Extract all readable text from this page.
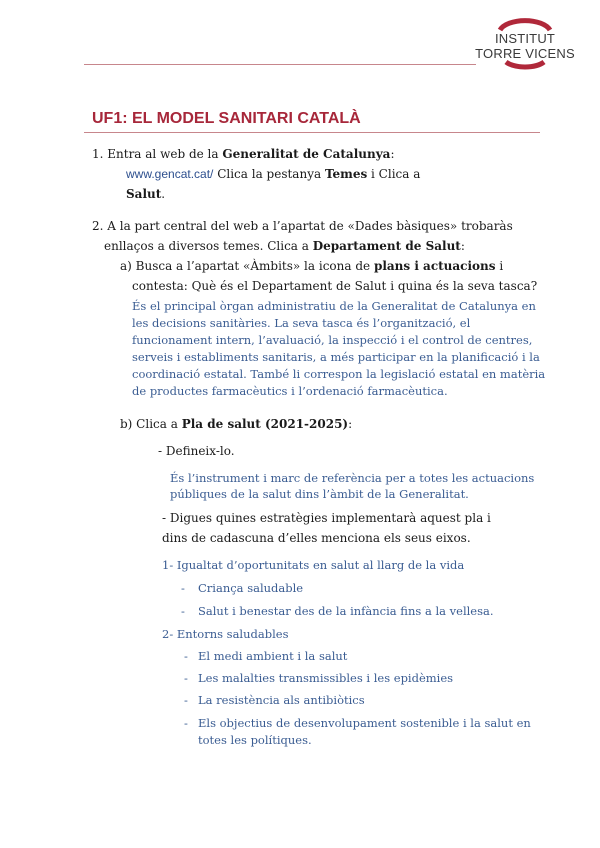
INSTITUT
TORRE VICENS
UF1: EL MODEL SANITARI CATALÀ
1. Entra al web de la Generalitat de Catalunya:
www.gencat.cat/ Clica la pestanya Temes i Clica a
Salut.
2. A la part central del web a l’apartat de «Dades bàsiques» trobaràs
enllaços a diversos temes. Clica a Departament de Salut:
a) Busca a l’apartat «Àmbits» la icona de plans i actuacions i
contesta: Què és el Departament de Salut i quina és la seva tasca?
És el principal òrgan administratiu de la Generalitat de Catalunya en
les decisions sanitàries. La seva tasca és l’organització, el
funcionament intern, l’avaluació, la inspecció i el control de centres,
serveis i establiments sanitaris, a més participar en la planificació i la
coordinació estatal. També li correspon la legislació estatal en matèria
de productes farmacèutics i l’ordenació farmacèutica.
b) Clica a Pla de salut (2021-2025):
- Defineix-lo.
És l’instrument i marc de referència per a totes les actuacions
públiques de la salut dins l’àmbit de la Generalitat.
- Digues quines estratègies implementarà aquest pla i
dins de cadascuna d’elles menciona els seus eixos.
1- Igualtat d’oportunitats en salut al llarg de la vida
- Criança saludable
- Salut i benestar des de la infància fins a la vellesa.
2- Entorns saludables
- El medi ambient i la salut
- Les malalties transmissibles i les epidèmies
- La resistència als antibiòtics
- Els objectius de desenvolupament sostenible i la salut en
totes les polítiques.
